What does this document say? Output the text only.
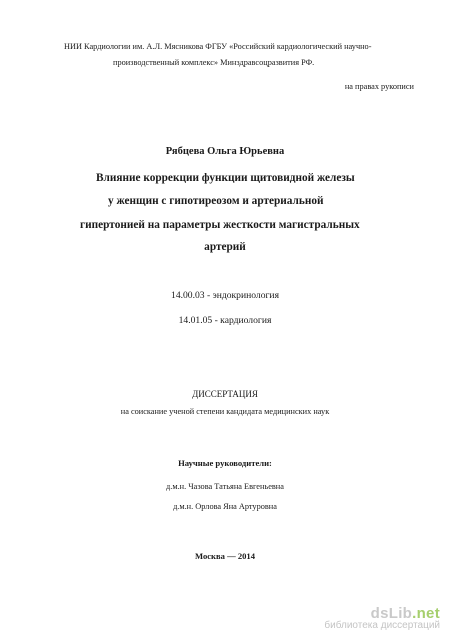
НИИ Кардиологии им. А.Л. Мясникова ФГБУ «Российский кардиологический научно-
производственный комплекс» Минздравсоцразвития РФ.
на правах рукописи
Рябцева Ольга Юрьевна
Влияние коррекции функции щитовидной железы
у женщин с гипотиреозом и артериальной
гипертонией на параметры жесткости магистральных
артерий
14.00.03 - эндокринология
14.01.05 - кардиология
ДИССЕРТАЦИЯ
на соискание ученой степени кандидата медицинских наук
Научные руководители:
д.м.н. Чазова Татьяна Евгеньевна
д.м.н. Орлова Яна Артуровна
Москва — 2014
dsLib.net
библиотека диссертаций
